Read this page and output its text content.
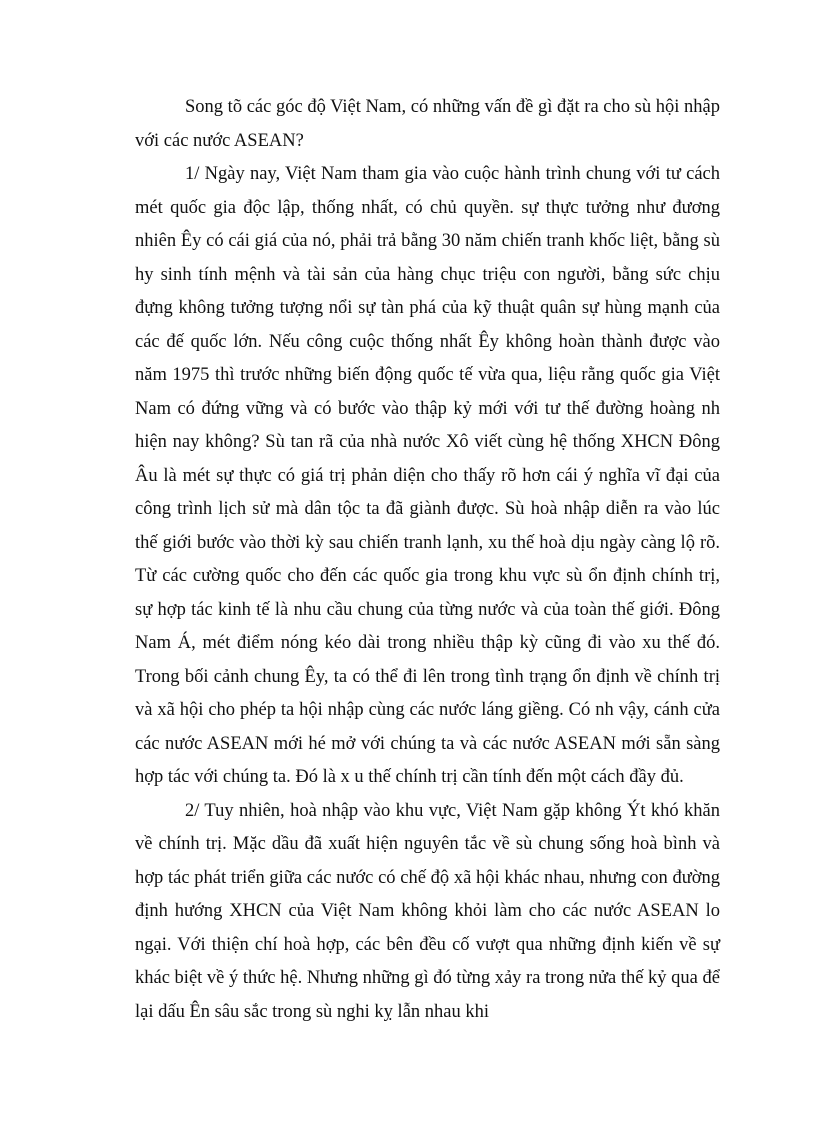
Song tõ các góc độ Việt Nam, có những vấn đề gì đặt ra cho sù hội nhập với các nước ASEAN?

1/ Ngày nay, Việt Nam tham gia vào cuộc hành trình chung với tư cách mét quốc gia độc lập, thống nhất, có chủ quyền. sự thực tưởng như đương nhiên Êy có cái giá của nó, phải trả bằng 30 năm chiến tranh khốc liệt, bằng sù hy sinh tính mệnh và tài sản của hàng chục triệu con người, bằng sức chịu đựng không tưởng tượng nổi sự tàn phá của kỹ thuật quân sự hùng mạnh của các đế quốc lớn. Nếu công cuộc thống nhất Êy không hoàn thành được vào năm 1975 thì trước những biến động quốc tế vừa qua, liệu rằng quốc gia Việt Nam có đứng vững và có bước vào thập kỷ mới với tư thế đường hoàng nh hiện nay không? Sù tan rã của nhà nước Xô viết cùng hệ thống XHCN Đông Âu là mét sự thực có giá trị phản diện cho thấy rõ hơn cái ý nghĩa vĩ đại của công trình lịch sử mà dân tộc ta đã giành được. Sù hoà nhập diễn ra vào lúc thế giới bước vào thời kỳ sau chiến tranh lạnh, xu thế hoà dịu ngày càng lộ rõ. Từ các cường quốc cho đến các quốc gia trong khu vực sù ổn định chính trị, sự hợp tác kinh tế là nhu cầu chung của từng nước và của toàn thế giới. Đông Nam Á, mét điểm nóng kéo dài trong nhiều thập kỳ cũng đi vào xu thế đó. Trong bối cảnh chung Êy, ta có thể đi lên trong tình trạng ổn định về chính trị và xã hội cho phép ta hội nhập cùng các nước láng giềng. Có nh vậy, cánh cửa các nước ASEAN mới hé mở với chúng ta và các nước ASEAN mới sẵn sàng hợp tác với chúng ta. Đó là x u thế chính trị cần tính đến một cách đầy đủ.

2/ Tuy nhiên, hoà nhập vào khu vực, Việt Nam gặp không Ýt khó khăn về chính trị. Mặc dầu đã xuất hiện nguyên tắc về sù chung sống hoà bình và hợp tác phát triển giữa các nước có chế độ xã hội khác nhau, nhưng con đường định hướng XHCN của Việt Nam không khỏi làm cho các nước ASEAN lo ngại. Với thiện chí hoà hợp, các bên đều cố vượt qua những định kiến về sự khác biệt về ý thức hệ. Nhưng những gì đó từng xảy ra trong nửa thế kỷ qua để lại dấu Ên sâu sắc trong sù nghi kỵ lẫn nhau khi
